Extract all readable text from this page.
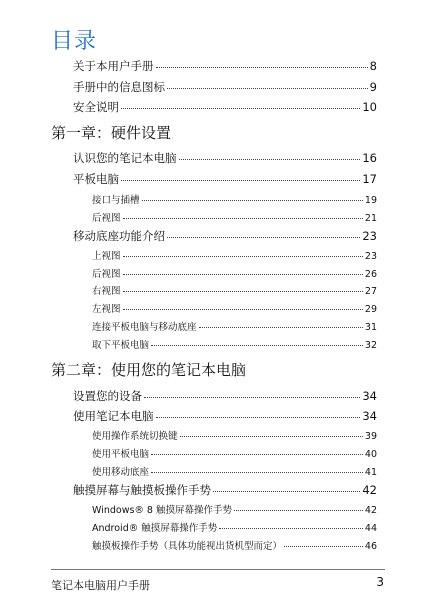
目录
关于本用户手册	8
手册中的信息图标	9
安全说明	10
第一章：硬件设置
认识您的笔记本电脑	16
平板电脑	17
接口与插槽	19
后视图	21
移动底座功能介绍	23
上视图	23
后视图	26
右视图	27
左视图	29
连接平板电脑与移动底座	31
取下平板电脑	32
第二章：使用您的笔记本电脑
设置您的设备	34
使用笔记本电脑	34
使用操作系统切换键	39
使用平板电脑	40
使用移动底座	41
触摸屏幕与触摸板操作手势	42
Windows® 8 触摸屏幕操作手势	42
Android® 触摸屏幕操作手势	44
触摸板操作手势（具体功能视出货机型而定）	46
笔记本电脑用户手册	3
